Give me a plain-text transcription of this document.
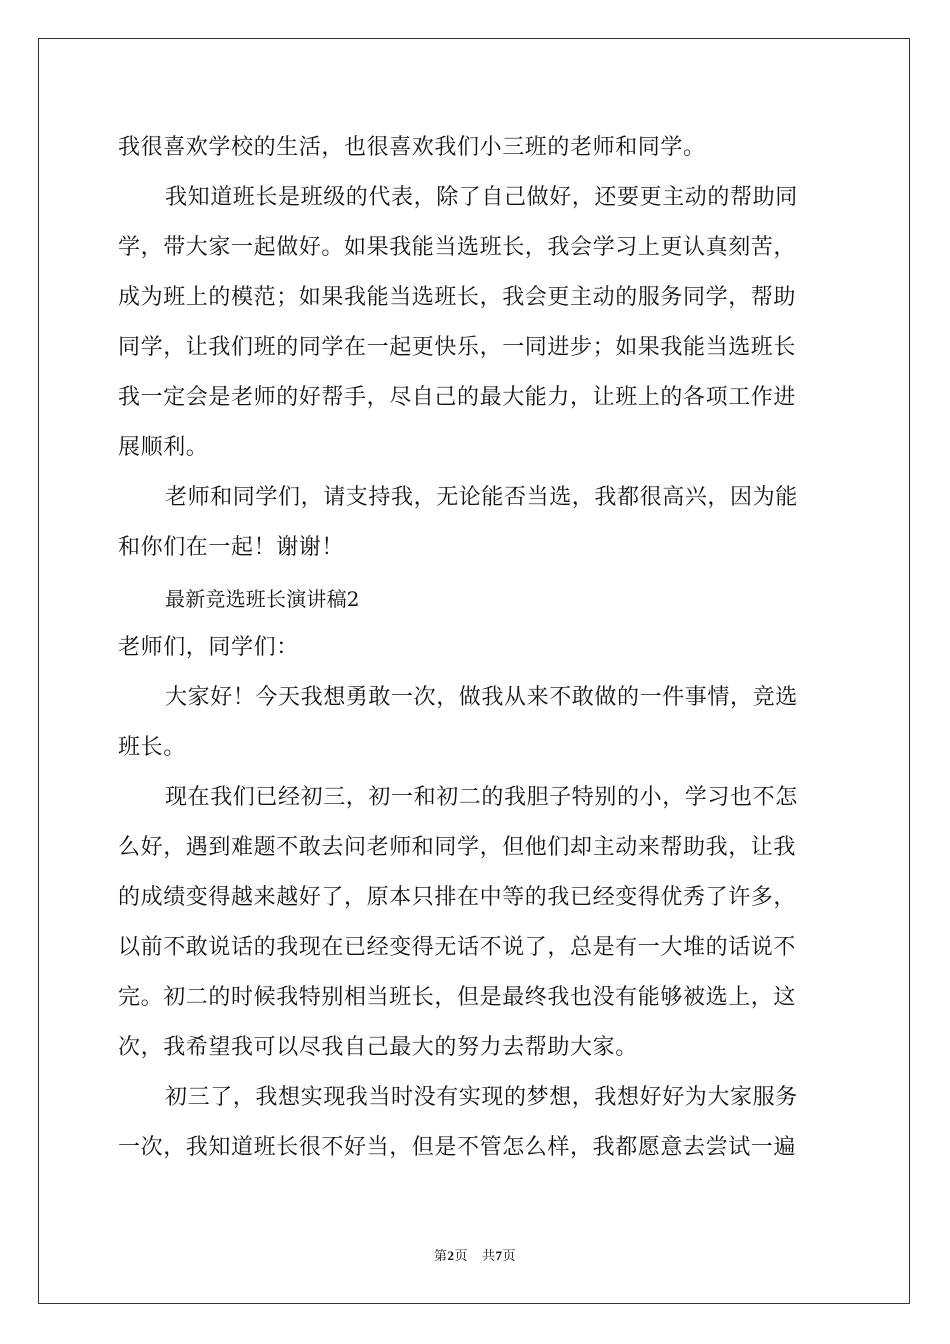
我很喜欢学校的生活，也很喜欢我们小三班的老师和同学。
我知道班长是班级的代表，除了自己做好，还要更主动的帮助同
学，带大家一起做好。如果我能当选班长，我会学习上更认真刻苦，
成为班上的模范；如果我能当选班长，我会更主动的服务同学，帮助
同学，让我们班的同学在一起更快乐，一同进步；如果我能当选班长
我一定会是老师的好帮手，尽自己的最大能力，让班上的各项工作进
展顺利。
老师和同学们，请支持我，无论能否当选，我都很高兴，因为能
和你们在一起！谢谢！
最新竞选班长演讲稿2
老师们，同学们：
大家好！今天我想勇敢一次，做我从来不敢做的一件事情，竞选
班长。
现在我们已经初三，初一和初二的我胆子特别的小，学习也不怎
么好，遇到难题不敢去问老师和同学，但他们却主动来帮助我，让我
的成绩变得越来越好了，原本只排在中等的我已经变得优秀了许多，
以前不敢说话的我现在已经变得无话不说了，总是有一大堆的话说不
完。初二的时候我特别相当班长，但是最终我也没有能够被选上，这
次，我希望我可以尽我自己最大的努力去帮助大家。
初三了，我想实现我当时没有实现的梦想，我想好好为大家服务
一次，我知道班长很不好当，但是不管怎么样，我都愿意去尝试一遍
第2页 共7页
